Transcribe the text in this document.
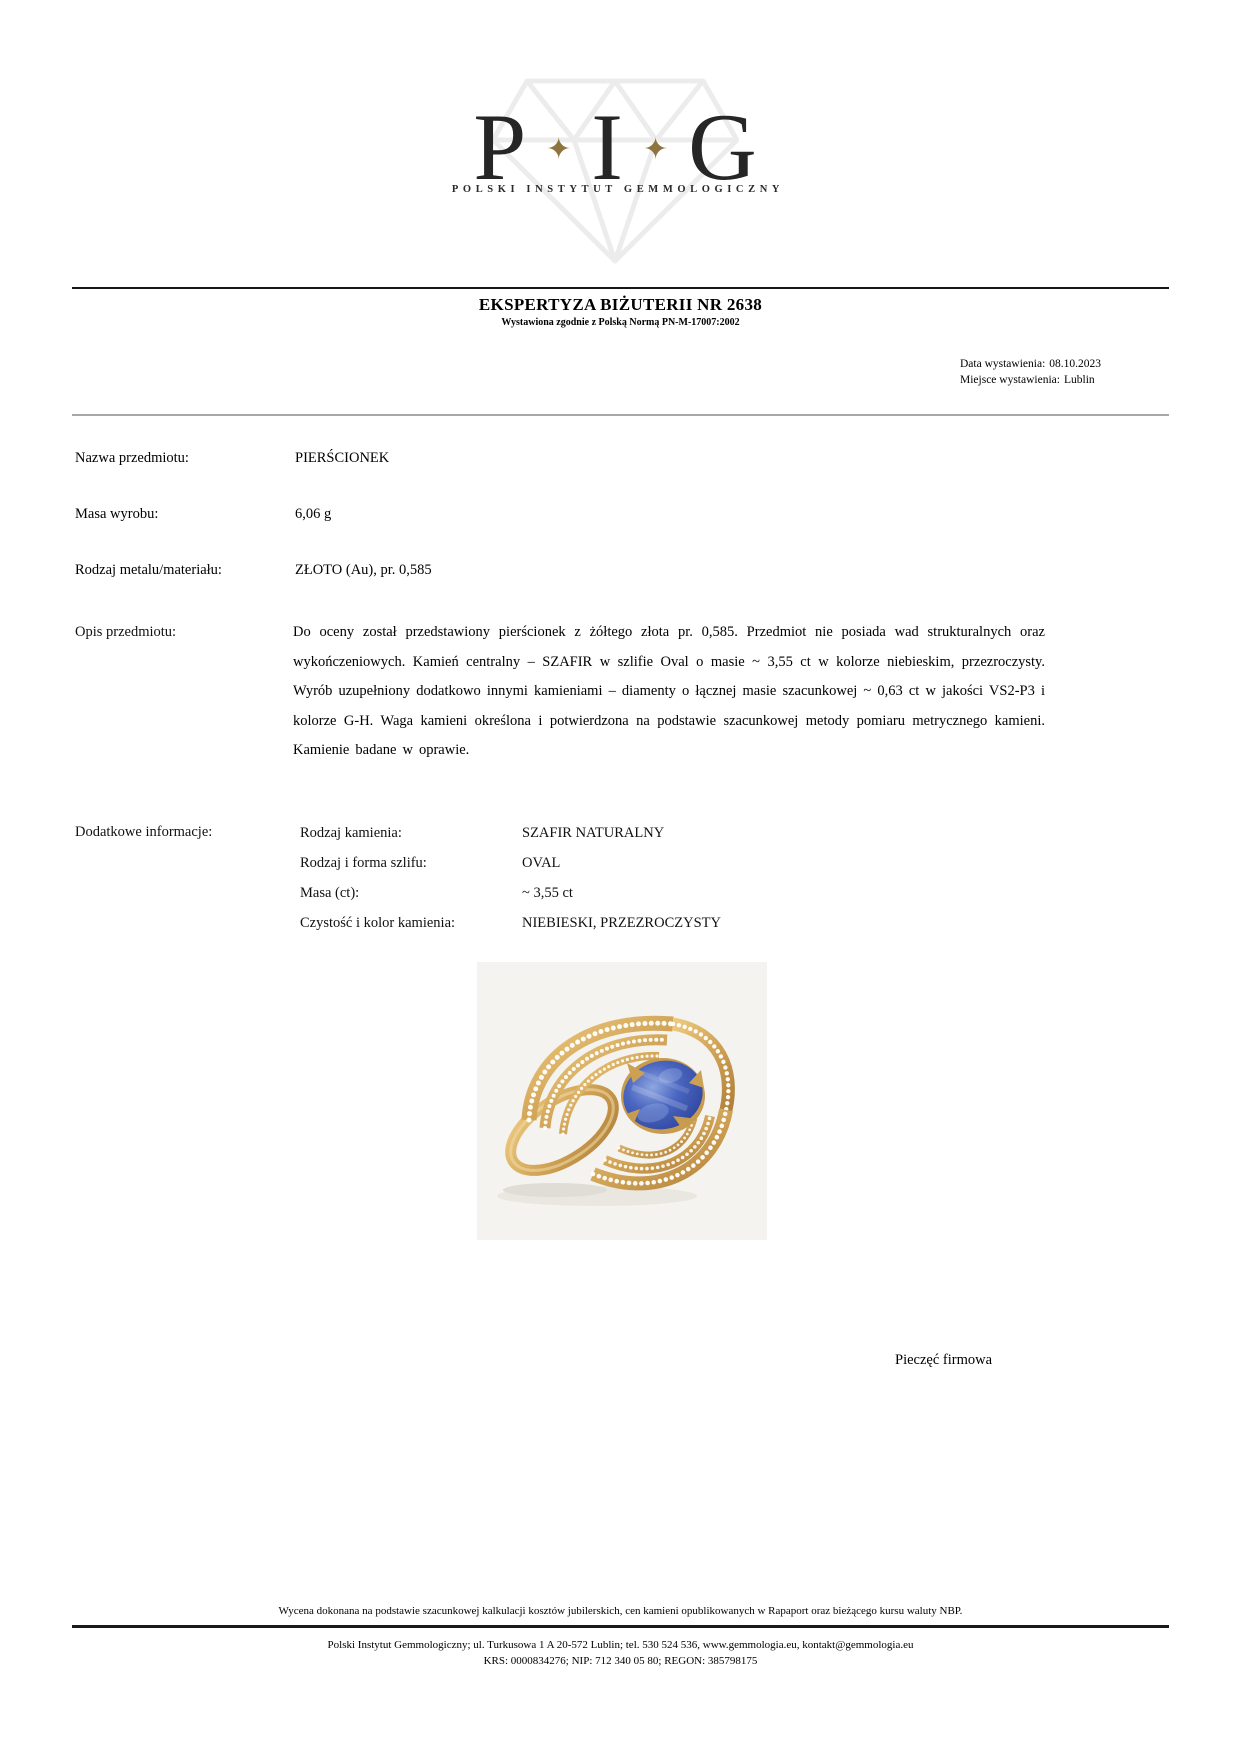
P ✦ I ✦ G
POLSKI INSTYTUT GEMMOLOGICZNY
EKSPERTYZA BIŻUTERII NR 2638
Wystawiona zgodnie z Polską Normą PN-M-17007:2002
Data wystawienia: 08.10.2023
Miejsce wystawienia: Lublin
Nazwa przedmiotu:	PIERŚCIONEK
Masa wyrobu:	6,06 g
Rodzaj metalu/materiału:	ZŁOTO (Au), pr. 0,585
Opis przedmiotu:	Do oceny został przedstawiony pierścionek z żółtego złota pr. 0,585. Przedmiot nie posiada wad strukturalnych oraz wykończeniowych. Kamień centralny – SZAFIR w szlifie Oval o masie ~ 3,55 ct w kolorze niebieskim, przezroczysty. Wyrób uzupełniony dodatkowo innymi kamieniami – diamenty o łącznej masie szacunkowej ~ 0,63 ct w jakości VS2-P3 i kolorze G-H. Waga kamieni określona i potwierdzona na podstawie szacunkowej metody pomiaru metrycznego kamieni. Kamienie badane w oprawie.
Dodatkowe informacje:	Rodzaj kamienia:	SZAFIR NATURALNY
Rodzaj i forma szlifu:	OVAL
Masa (ct):	~ 3,55 ct
Czystość i kolor kamienia:	NIEBIESKI, PRZEZROCZYSTY
Pieczęć firmowa
Wycena dokonana na podstawie szacunkowej kalkulacji kosztów jubilerskich, cen kamieni opublikowanych w Rapaport oraz bieżącego kursu waluty NBP.
Polski Instytut Gemmologiczny; ul. Turkusowa 1 A 20-572 Lublin; tel. 530 524 536, www.gemmologia.eu, kontakt@gemmologia.eu
KRS: 0000834276; NIP: 712 340 05 80; REGON: 385798175
